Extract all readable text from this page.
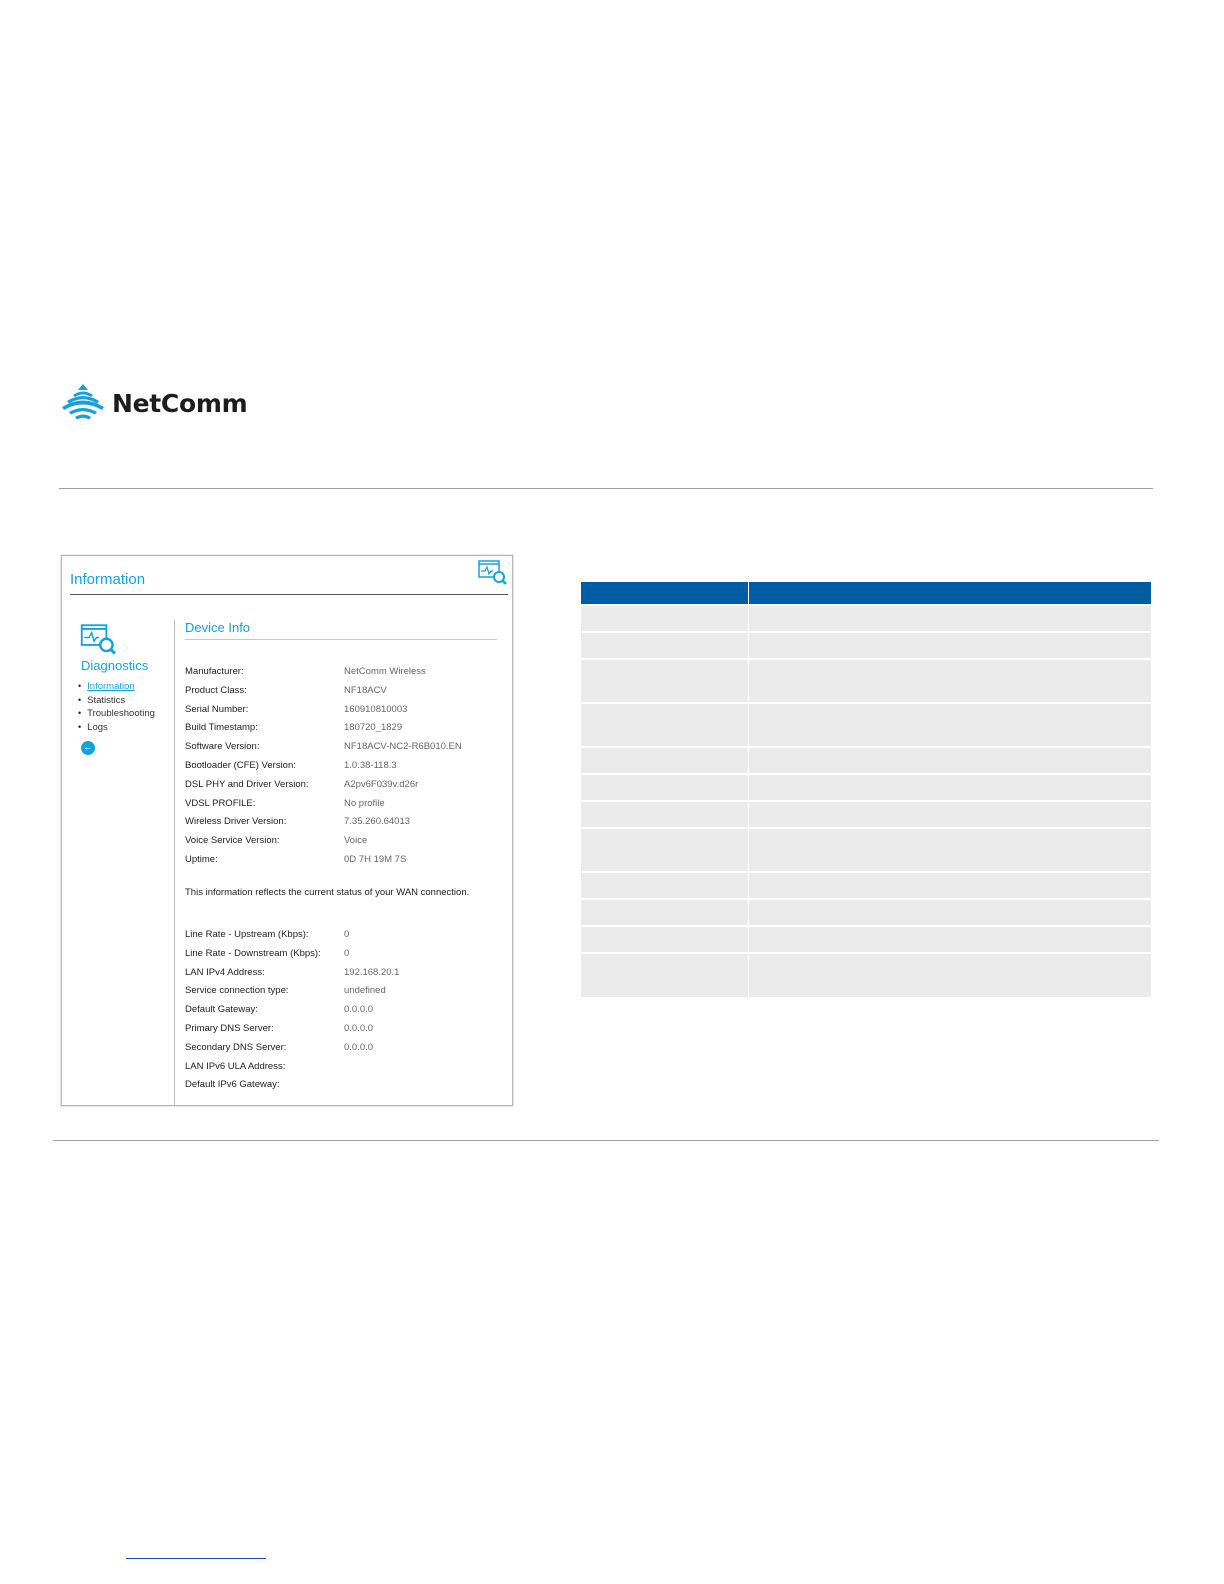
NetComm
Information
Diagnostics
• Information
• Statistics
• Troubleshooting
• Logs
←
Device Info
Manufacturer:	NetComm Wireless
Product Class:	NF18ACV
Serial Number:	160910810003
Build Timestamp:	180720_1829
Software Version:	NF18ACV-NC2-R6B010.EN
Bootloader (CFE) Version:	1.0.38-118.3
DSL PHY and Driver Version:	A2pv6F039v.d26r
VDSL PROFILE:	No profile
Wireless Driver Version:	7.35.260.64013
Voice Service Version:	Voice
Uptime:	0D 7H 19M 7S
This information reflects the current status of your WAN connection.
Line Rate - Upstream (Kbps):	0
Line Rate - Downstream (Kbps):	0
LAN IPv4 Address:	192.168.20.1
Service connection type:	undefined
Default Gateway:	0.0.0.0
Primary DNS Server:	0.0.0.0
Secondary DNS Server:	0.0.0.0
LAN IPv6 ULA Address:
Default IPv6 Gateway:
